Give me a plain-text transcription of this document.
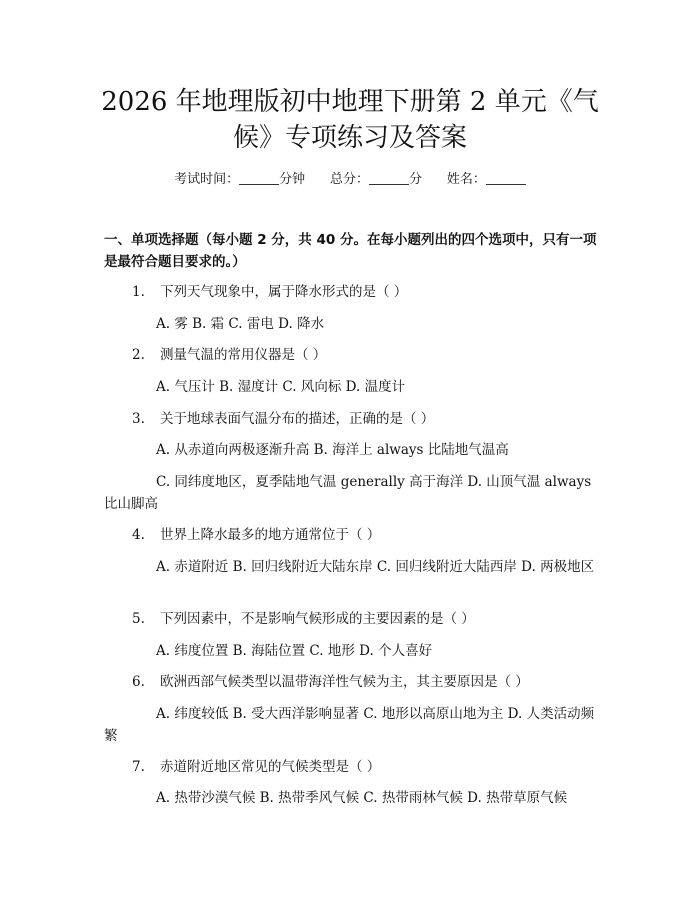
2026 年地理版初中地理下册第 2 单元《气候》专项练习及答案
考试时间：	分钟 总分：	分 姓名：
一、单项选择题（每小题 2 分，共 40 分。在每小题列出的四个选项中，只有一项是最符合题目要求的。）
1. 下列天气现象中，属于降水形式的是（ ）
A. 雾 B. 霜 C. 雷电 D. 降水
2. 测量气温的常用仪器是（ ）
A. 气压计 B. 湿度计 C. 风向标 D. 温度计
3. 关于地球表面气温分布的描述，正确的是（ ）
A. 从赤道向两极逐渐升高 B. 海洋上 always 比陆地气温高
C. 同纬度地区，夏季陆地气温 generally 高于海洋 D. 山顶气温 always 比山脚高
4. 世界上降水最多的地方通常位于（ ）
A. 赤道附近 B. 回归线附近大陆东岸 C. 回归线附近大陆西岸 D. 两极地区
5. 下列因素中，不是影响气候形成的主要因素的是（ ）
A. 纬度位置 B. 海陆位置 C. 地形 D. 个人喜好
6. 欧洲西部气候类型以温带海洋性气候为主，其主要原因是（ ）
A. 纬度较低 B. 受大西洋影响显著 C. 地形以高原山地为主 D. 人类活动频繁
7. 赤道附近地区常见的气候类型是（ ）
A. 热带沙漠气候 B. 热带季风气候 C. 热带雨林气候 D. 热带草原气候
